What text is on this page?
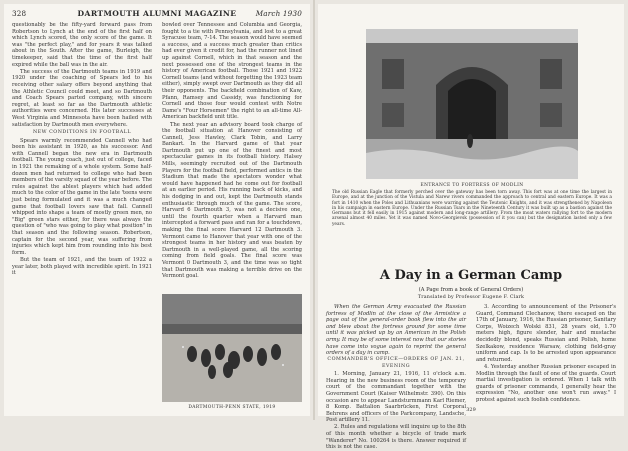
328	DARTMOUTH ALUMNI MAGAZINE	March 1930

questionably be the fifty-yard forward pass from Robertson to Lynch at the end of the first half on which Lynch scored, the only score of the game. It was "the perfect play," and for years it was talked about in the South. After the game, Burleigh, the timekeeper, said that the time of the first half expired while the ball was in the air.

The success of the Dartmouth teams in 1919 and 1920 under the coaching of Spears led to his receiving other salary offers beyond anything that the Athletic Council could meet, and so Dartmouth and Coach Spears parted company, with sincere regret, at least so far as the Dartmouth athletic authorities were concerned. His later successes at West Virginia and Minnesota have been hailed with satisfaction by Dartmouth men everywhere.

NEW CONDITIONS IN FOOTBALL

Spears warmly recommended Cannell who had been his assistant in 1920, as his successor. And with Cannell began the new era in Dartmouth football. The young coach, just out of college, faced in 1921 the remaking of a whole system. Some half-dozen men had returned to college who had been members of the varsity squad of the year before. The rules against the ablest players which had added much to the color of the game in the late 'teens were just being formulated and it was a much changed game that football lovers saw that fall. Cannell whipped into shape a team of mostly green men, no "Big" green stars either, for there was always the question of "who was going to play what position" in that season and the following season. Robertson, captain for the second year, was suffering from injuries which kept him from rounding into his best form.

But the team of 1921, and the team of 1922 a year later, both played with incredible spirit. In 1921 it

bowled over Tennessee and Columbia and Georgia, fought to a tie with Pennsylvania, and lost to a great Syracuse team, 7-14. The season would have seemed a success, and a success much greater than critics had ever given it credit for, had the runner not lined up against Cornell, which in that season and the next possessed one of the strongest teams in the history of American football. Those 1921 and 1922 Cornell teams (and without forgetting the 1923 team either), simply swept over Dartmouth as they did all their opponents. The backfield combination of Kaw, Pfann, Ramsey and Cassidy, was functioning for Cornell and those four would contest with Notre Dame's "Four Horsemen" the right to an all-time All-American backfield unit title.

The next year an advisory board took charge of the football situation at Hanover consisting of Cannell, Jess Hawley, Clark Tobin, and Larry Bankart. In the Harvard game of that year Dartmouth put up one of the finest and most spectacular games in its football history. Halsey Mills, seemingly recruited out of the Dartmouth Players for the football field, performed antics in the Stadium that made the spectators wonder what would have happened had he come out for football at an earlier period. His running back of kicks, and his dodging in and out, kept the Dartmouth stands enthusiastic through much of the game. The score, Harvard 6 Dartmouth 3, was not a decisive one, until the fourth quarter when a Harvard man intercepted a forward pass and ran for a touchdown, making the final score Harvard 12 Dartmouth 3. Vermont came to Hanover that year with one of the strongest teams in her history and was beaten by Dartmouth in a well-played game, all the scoring coming from field goals. The final score was Vermont 0 Dartmouth 3, and the time was so tight that Dartmouth was making a terrible drive on the Vermont goal.

DARTMOUTH-PENN STATE, 1919
ENTRANCE TO FORTRESS OF MODLIN
The old Russian Eagle that formerly perched over the gateway has been torn away. This fort was at one time the largest in Europe, and at the junction of the Vistula and Narew rivers commanded the approach to central and eastern Europe. It was a fort in 1410 when the Poles and Lithuanians were warring against the Teutonic Knights, and it was strengthened by Napoleon in his campaign in eastern Europe. Under the Russian Tsars in the Nineteenth Century it was built up as a bastion against the Germans but it fell easily in 1915 against modern and long-range artillery. From the moat waters rallying fort to the modern arsenal almost 40 miles. Yet it was named Novo-Georgievsk (possession of it you can) but the designation lasted only a few years.
A Day in a German Camp
(A Page from a book of General Orders)
Translated by Professor Eugene F. Clark

When the German Army evacuated the Russian fortress of Modlin at the close of the Armistice a page out of the general-order book flew into the air and blew about the fortress ground for some time until it was picked up by an American in the Polish army. It may be of some interest now that our stories have come into vogue again to reprint the general orders of a day in camp.

COMMANDER'S OFFICE—ORDERS OF JAN. 21, EVENING

1. Morning, January 21, 1916, 11 o'clock a.m. Hearing in the new business room of the temporary court of the commandant together with the Government Court (Kaiser Wilhelmstr. 390). On this occasion are to appear Landsturmmann Karl Riemer, 8 Komp. Battalion Saarbrücken, First Corporal Behrens and officers of the Parkcompany, Landsche, Post artillery 11.

2. Rules and regulations will inquire up to the 8th of this month whether a bicycle of trade mark "Wanderer" No. 100264 is there. Answer required if this is not the case.

3. According to announcement of the Prisoner's Guard, Command Clechanow, there escaped on the 17th of January, 1916, the Russian prisoner, Sanitary Corps, Woizech Wolski 831, 28 years old, 1.70 meters high, figure slender, hair and mustache decidedly blond, speaks Russian and Polish, home Szelkakow, residence Warsaw, clothing field-gray uniform and cap. Is to be arrested upon appearance and returned.

4. Yesterday another Russian prisoner escaped in Modlin through the fault of one of the guards. Court martial investigation is ordered. When I talk with guards of prisoner commands, I generally hear the expression "No, another one won't run away." I protest against such foolish confidence.

329
